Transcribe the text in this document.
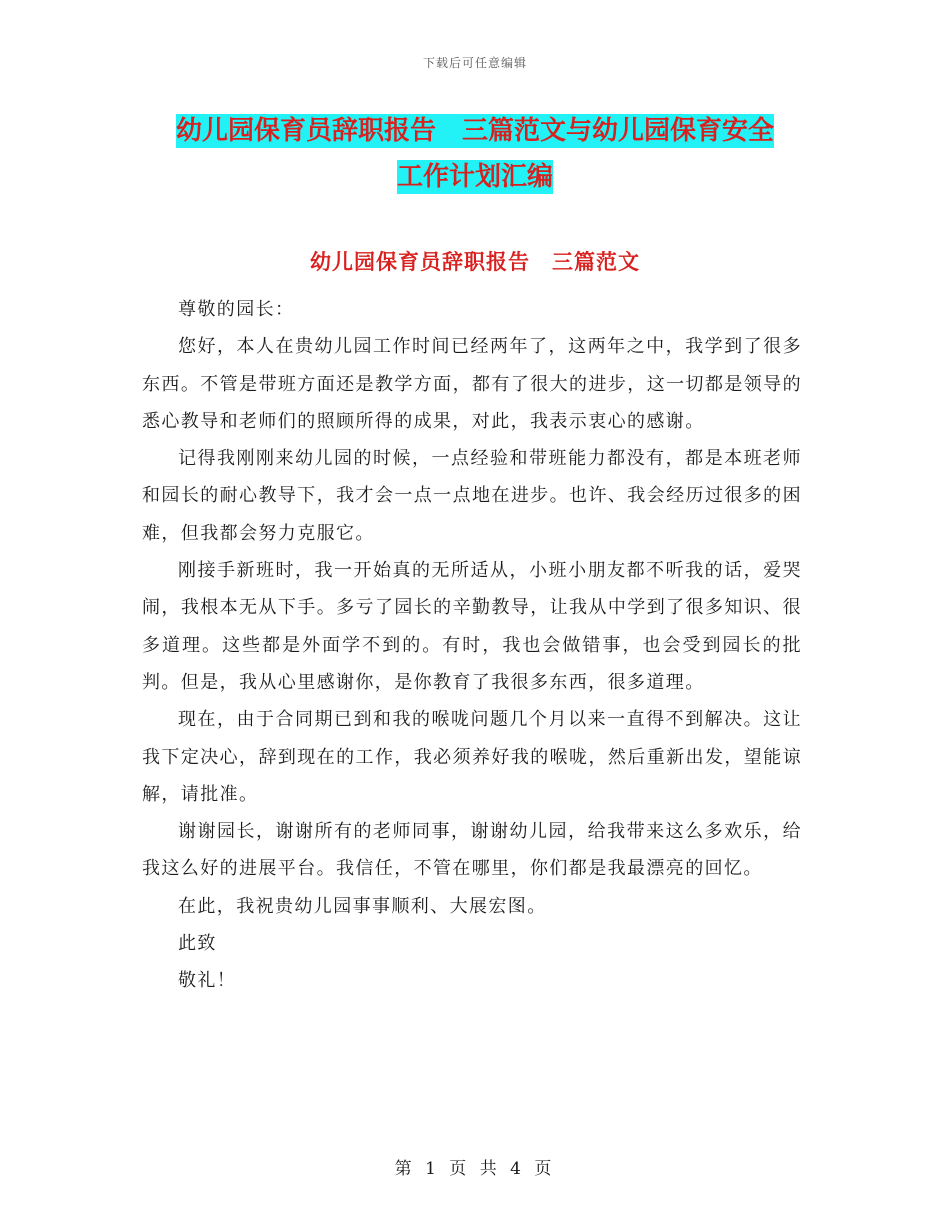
下载后可任意编辑
幼儿园保育员辞职报告　三篇范文与幼儿园保育安全
工作计划汇编
幼儿园保育员辞职报告　三篇范文

尊敬的园长：

您好，本人在贵幼儿园工作时间已经两年了，这两年之中，我学到了很多东西。不管是带班方面还是教学方面，都有了很大的进步，这一切都是领导的悉心教导和老师们的照顾所得的成果，对此，我表示衷心的感谢。

记得我刚刚来幼儿园的时候，一点经验和带班能力都没有，都是本班老师和园长的耐心教导下，我才会一点一点地在进步。也许、我会经历过很多的困难，但我都会努力克服它。

刚接手新班时，我一开始真的无所适从，小班小朋友都不听我的话，爱哭闹，我根本无从下手。多亏了园长的辛勤教导，让我从中学到了很多知识、很多道理。这些都是外面学不到的。有时，我也会做错事，也会受到园长的批判。但是，我从心里感谢你，是你教育了我很多东西，很多道理。

现在，由于合同期已到和我的喉咙问题几个月以来一直得不到解决。这让我下定决心，辞到现在的工作，我必须养好我的喉咙，然后重新出发，望能谅解，请批准。

谢谢园长，谢谢所有的老师同事，谢谢幼儿园，给我带来这么多欢乐，给我这么好的进展平台。我信任，不管在哪里，你们都是我最漂亮的回忆。

在此，我祝贵幼儿园事事顺利、大展宏图。

此致

敬礼！

第 1 页 共 4 页
